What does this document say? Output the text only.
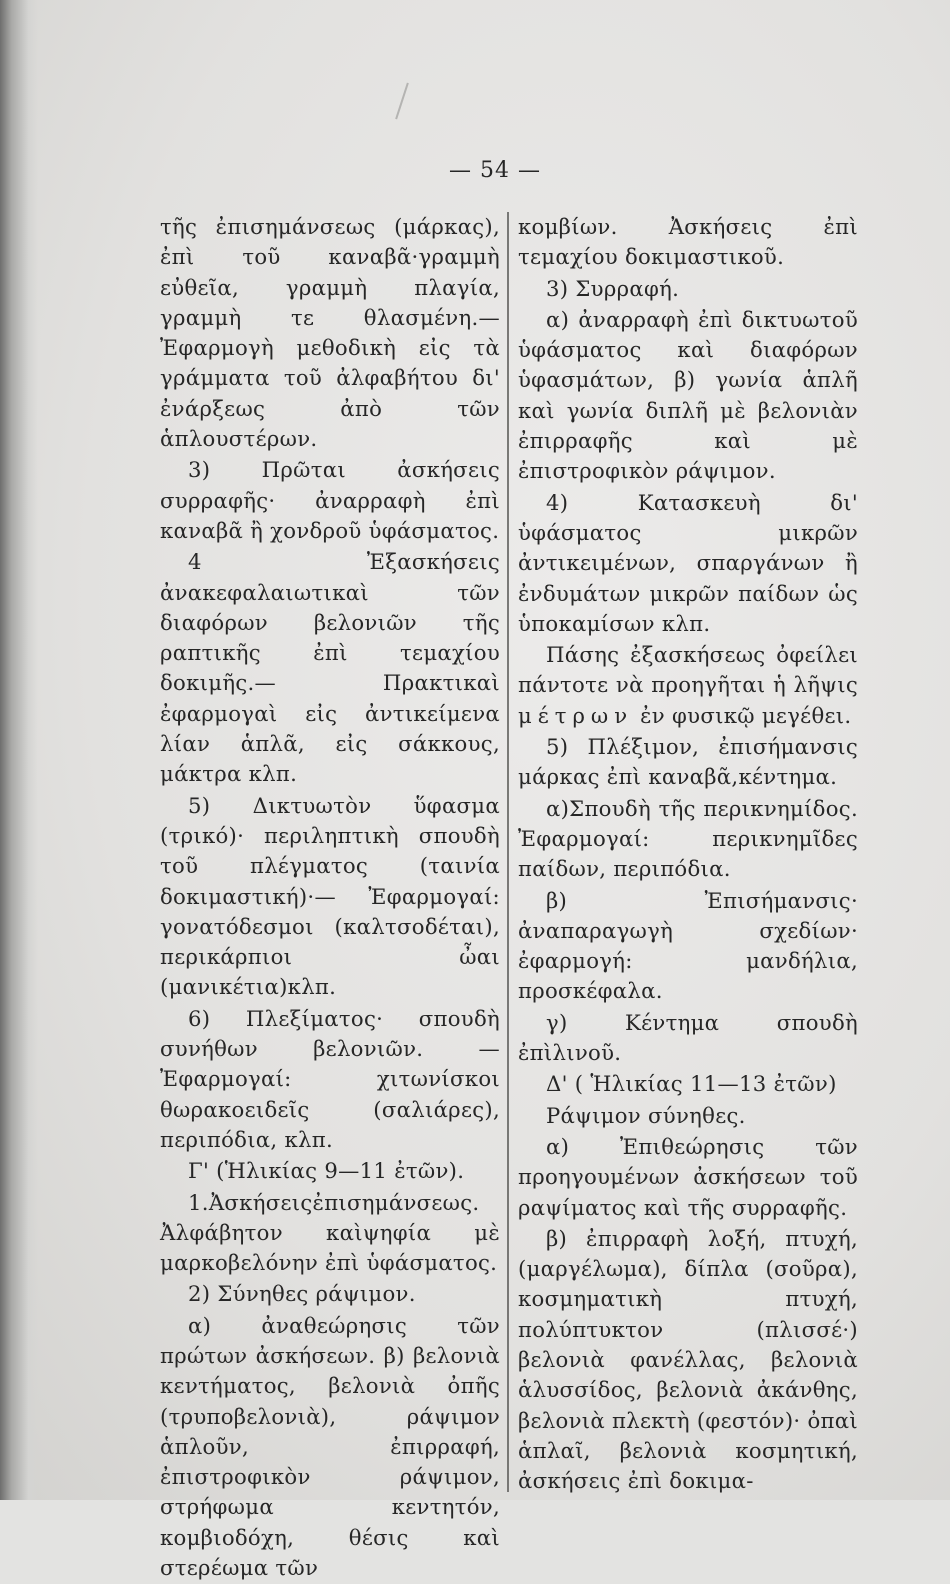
— 54 —

τῆς ἐπισημάνσεως (μάρκας), ἐπὶ τοῦ καναβᾶ·γραμμὴ εὐθεῖα, γραμμὴ πλαγία, γραμμὴ τε θλασμένη.— Ἐφαρμογὴ μεθοδικὴ εἰς τὰ γράμματα τοῦ ἀλφαβήτου δι' ἐνάρξεως ἀπὸ τῶν ἁπλουστέρων.

3) Πρῶται ἀσκήσεις συρραφῆς· ἀναρραφὴ ἐπὶ καναβᾶ ἢ χονδροῦ ὑφάσματος.

4 Ἐξασκήσεις ἀνακεφαλαιωτικαὶ τῶν διαφόρων βελονιῶν τῆς ραπτικῆς ἐπὶ τεμαχίου δοκιμῆς.— Πρακτικαὶ ἐφαρμογαὶ εἰς ἀντικείμενα λίαν ἁπλᾶ, εἰς σάκκους, μάκτρα κλπ.

5) Δικτυωτὸν ὕφασμα (τρικό)· περιληπτικὴ σπουδὴ τοῦ πλέγματος (ταινία δοκιμαστική)·— Ἐφαρμογαί: γονατόδεσμοι (καλτσοδέται), περικάρπιοι ὦαι (μανικέτια)κλπ.

6) Πλεξίματος· σπουδὴ συνήθων βελονιῶν. — Ἐφαρμογαί: χιτωνίσκοι θωρακοειδεῖς (σαλιάρες), περιπόδια, κλπ.

Γ' (Ἡλικίας 9—11 ἐτῶν).

1.Ἀσκήσειςἐπισημάνσεως. Ἀλφάβητον καὶψηφία μὲ μαρκοβελόνην ἐπὶ ὑφάσματος.

2) Σύνηθες ράψιμον.

α) ἀναθεώρησις τῶν πρώτων ἀσκήσεων. β) βελονιὰ κεντήματος, βελονιὰ ὀπῆς (τρυποβελονιὰ), ράψιμον ἁπλοῦν, ἐπιρραφή, ἐπιστροφικὸν ράψιμον, στρήφωμα κεντητόν, κομβιοδόχη, θέσις καὶ στερέωμα τῶν

κομβίων. Ἀσκήσεις ἐπὶ τεμαχίου δοκιμαστικοῦ.

3) Συρραφή.

α) ἀναρραφὴ ἐπὶ δικτυωτοῦ ὑφάσματος καὶ διαφόρων ὑφασμάτων, β) γωνία ἁπλῆ καὶ γωνία διπλῆ μὲ βελονιὰν ἐπιρραφῆς καὶ μὲ ἐπιστροφικὸν ράψιμον.

4) Κατασκευὴ δι' ὑφάσματος μικρῶν ἀντικειμένων, σπαργάνων ἢ ἐνδυμάτων μικρῶν παίδων ὡς ὑποκαμίσων κλπ.

Πάσης ἐξασκήσεως ὀφείλει πάντοτε νὰ προηγῆται ἡ λῆψις μέτρων ἐν φυσικῷ μεγέθει.

5) Πλέξιμον, ἐπισήμανσις μάρκας ἐπὶ καναβᾶ,κέντημα.

α)Σπουδὴ τῆς περικνημίδος. Ἐφαρμογαί: περικνημῖδες παίδων, περιπόδια.

β) Ἐπισήμανσις· ἀναπαραγωγὴ σχεδίων· ἐφαρμογή: μανδήλια, προσκέφαλα.

γ) Κέντημα σπουδὴ ἐπὶλινοῦ.

Δ' ( Ἡλικίας 11—13 ἐτῶν)

Ράψιμον σύνηθες.

α) Ἐπιθεώρησις τῶν προηγουμένων ἀσκήσεων τοῦ ραψίματος καὶ τῆς συρραφῆς.

β) ἐπιρραφὴ λοξή, πτυχή, (μαργέλωμα), δίπλα (σοῦρα), κοσμηματικὴ πτυχή, πολύπτυκτον (πλισσέ·) βελονιὰ φανέλλας, βελονιὰ ἁλυσσίδος, βελονιὰ ἀκάνθης, βελονιὰ πλεκτὴ (φεστόν)· ὀπαὶ ἁπλαῖ, βελονιὰ κοσμητική, ἀσκήσεις ἐπὶ δοκιμα-
